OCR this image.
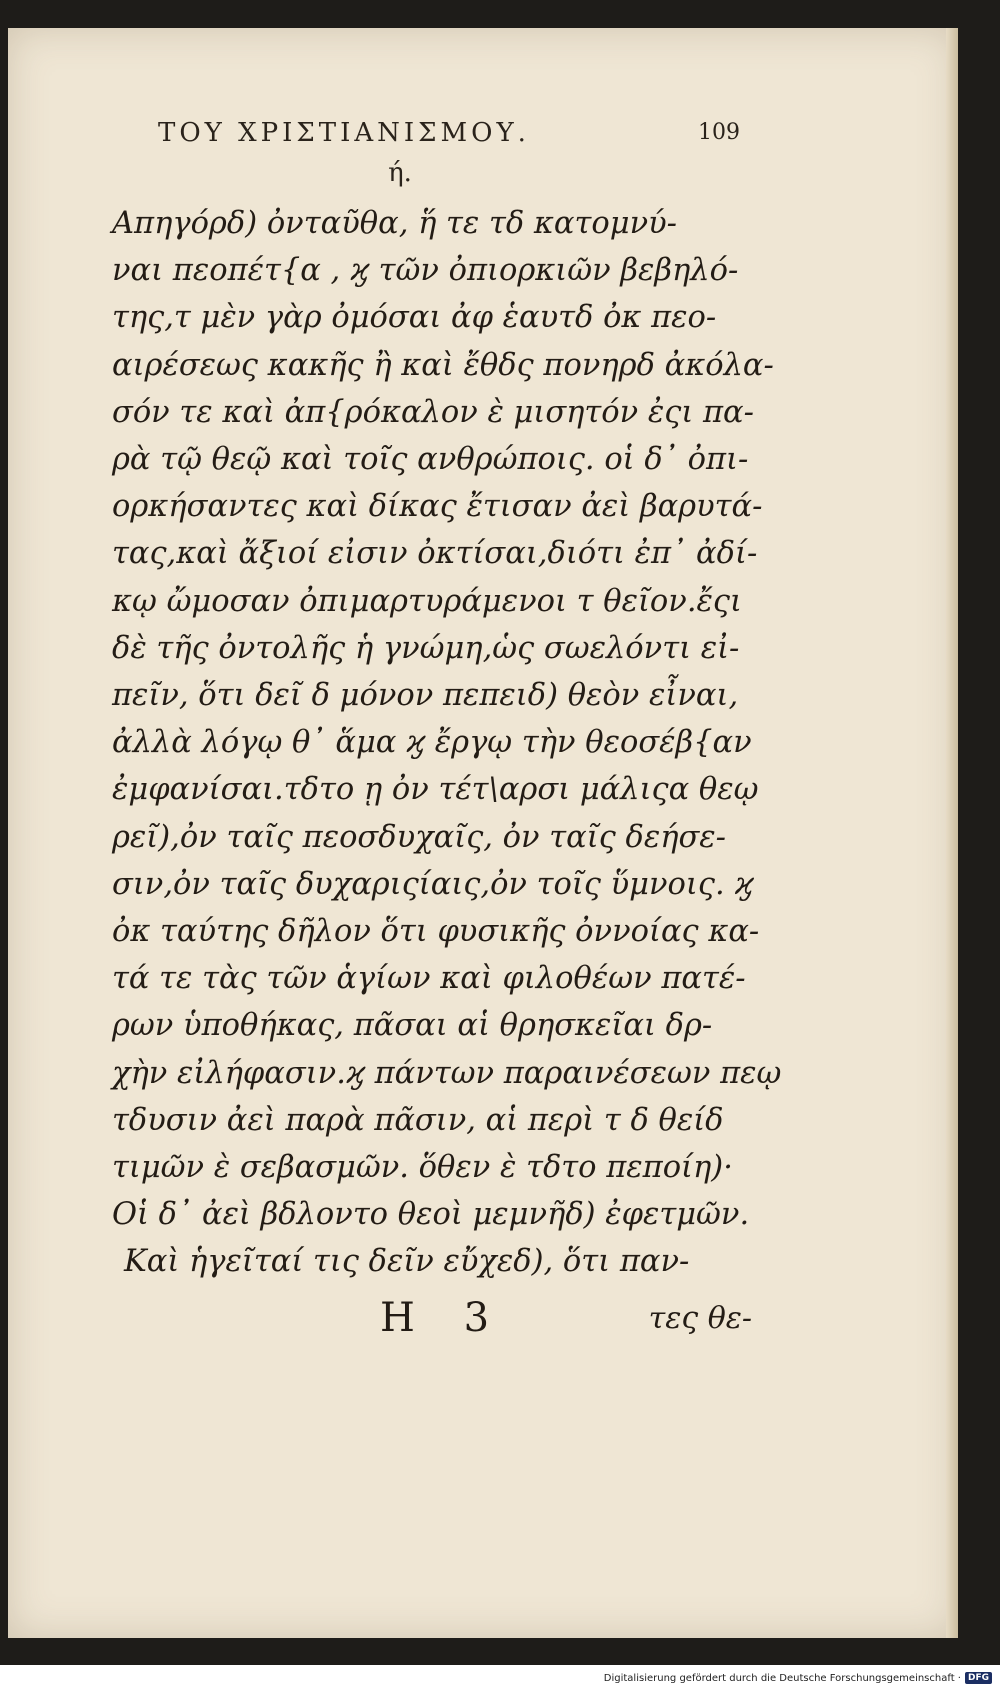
ΤΟΥ ΧΡΙΣΤΙΑΝΙΣΜΟΥ.	109
ή.
Απηγόρδ) ὀνταῦθα, ἥ τε τδ κατομνύ-
ναι πεοπέτ{α , ϗ τῶν ὀπιορκιῶν βεβηλό-
της,τ μὲν γὰρ ὀμόσαι ἀφ ἑαυτδ ὀκ πεο-
αιρέσεως κακῆς ἢ καὶ ἔθδς πονηρδ ἀκόλα-
σόν τε καὶ ἀπ{ρόκαλον ὲ μισητόν ἐςι πα-
ρὰ τῷ θεῷ καὶ τοῖς ανθρώποις. οἱ δ᾿ ὀπι-
ορκήσαντες καὶ δίκας ἔτισαν ἀεὶ βαρυτά-
τας,καὶ ἄξιοί εἰσιν ὀκτίσαι,διότι ἐπ᾿ ἀδί-
κῳ ὤμοσαν ὀπιμαρτυράμενοι τ θεῖον.ἔςι
δὲ τῆς ὀντολῆς ἡ γνώμη,ὡς σωελόντι εἰ-
πεῖν, ὅτι δεῖ δ μόνον πεπειδ) θεὸν εἶναι,
ἀλλὰ λόγῳ θ᾿ ἅμα ϗ ἔργῳ τὴν θεοσέβ{αν
ἐμφανίσαι.τδτο ῃ ὀν τέτ\αρσι μάλιςα θεῳ
ρεῖ),ὀν ταῖς πεοσδυχαῖς, ὀν ταῖς δεήσε-
σιν,ὀν ταῖς δυχαριςίαις,ὀν τοῖς ὕμνοις. ϗ
ὀκ ταύτης δῆλον ὅτι φυσικῆς ὀννοίας κα-
τά τε τὰς τῶν ἁγίων καὶ φιλοθέων πατέ-
ρων ὑποθήκας, πᾶσαι αἱ θρησκεῖαι δρ-
χὴν εἰλήφασιν.ϗ πάντων παραινέσεων πεῳ
τδυσιν ἀεὶ παρὰ πᾶσιν, αἱ περὶ τ δ θείδ
τιμῶν ὲ σεβασμῶν. ὅθεν ὲ τδτο πεποίη)·
Οἱ δ᾿ ἀεὶ βδλοντο θεοὶ μεμνῆδ) ἐφετμῶν.
Καὶ ἡγεῖταί τις δεῖν εὔχεδ), ὅτι παν-
Η 3	τες θε-
Digitalisierung gefördert durch die Deutsche Forschungsgemeinschaft · DFG
